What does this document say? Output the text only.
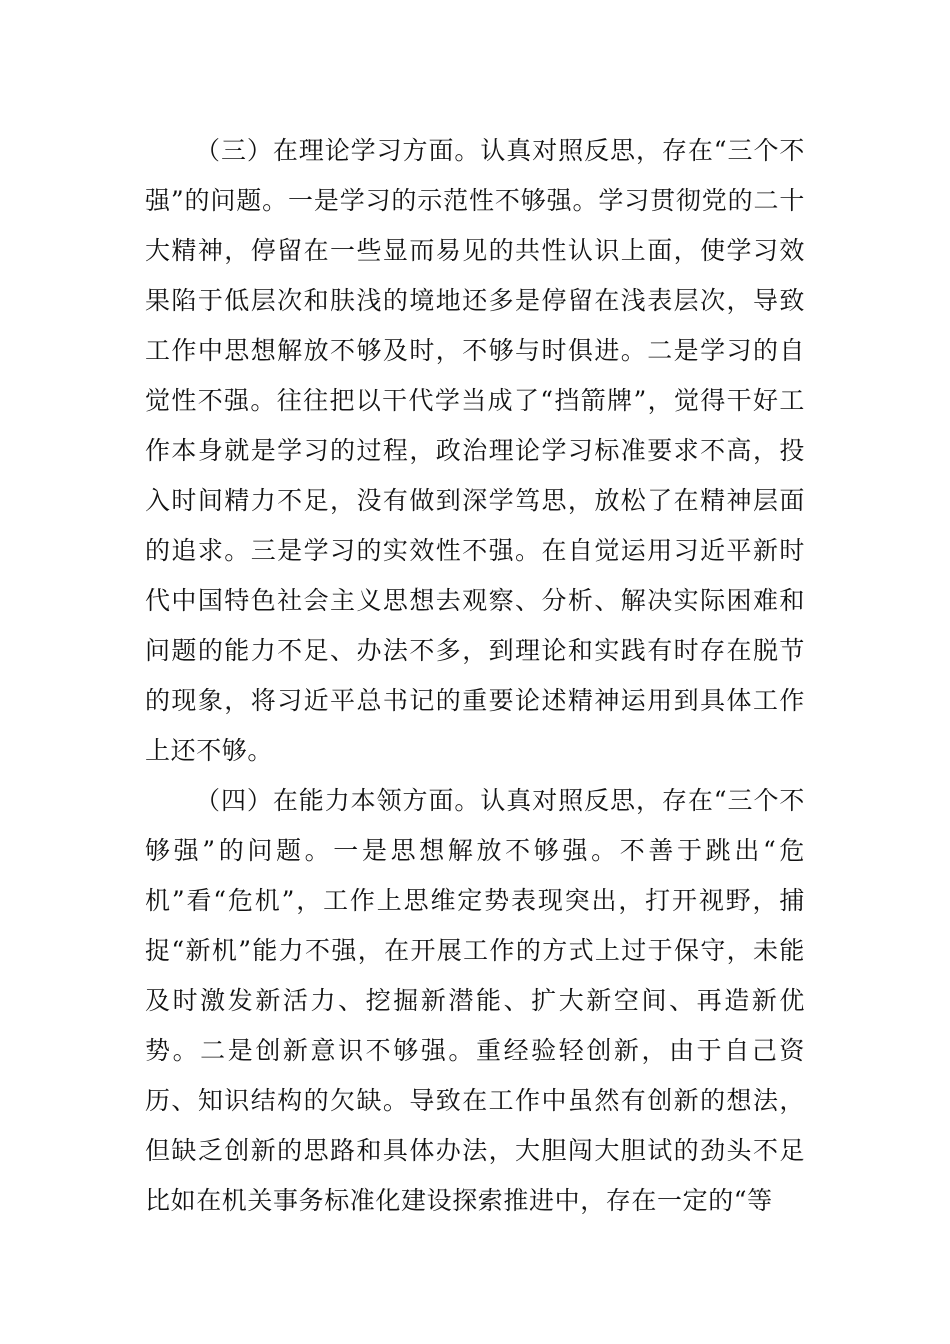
（三）在理论学习方面。认真对照反思，存在“三个不强”的问题。一是学习的示范性不够强。学习贯彻党的二十大精神，停留在一些显而易见的共性认识上面，使学习效果陷于低层次和肤浅的境地还多是停留在浅表层次，导致工作中思想解放不够及时，不够与时俱进。二是学习的自觉性不强。往往把以干代学当成了“挡箭牌”，觉得干好工作本身就是学习的过程，政治理论学习标准要求不高，投入时间精力不足，没有做到深学笃思，放松了在精神层面的追求。三是学习的实效性不强。在自觉运用习近平新时代中国特色社会主义思想去观察、分析、解决实际困难和问题的能力不足、办法不多，到理论和实践有时存在脱节的现象，将习近平总书记的重要论述精神运用到具体工作上还不够。

（四）在能力本领方面。认真对照反思，存在“三个不够强”的问题。一是思想解放不够强。不善于跳出“危机”看“危机”，工作上思维定势表现突出，打开视野，捕捉“新机”能力不强，在开展工作的方式上过于保守，未能及时激发新活力、挖掘新潜能、扩大新空间、再造新优势。二是创新意识不够强。重经验轻创新，由于自己资历、知识结构的欠缺。导致在工作中虽然有创新的想法，但缺乏创新的思路和具体办法，大胆闯大胆试的劲头不足比如在机关事务标准化建设探索推进中，存在一定的“等
